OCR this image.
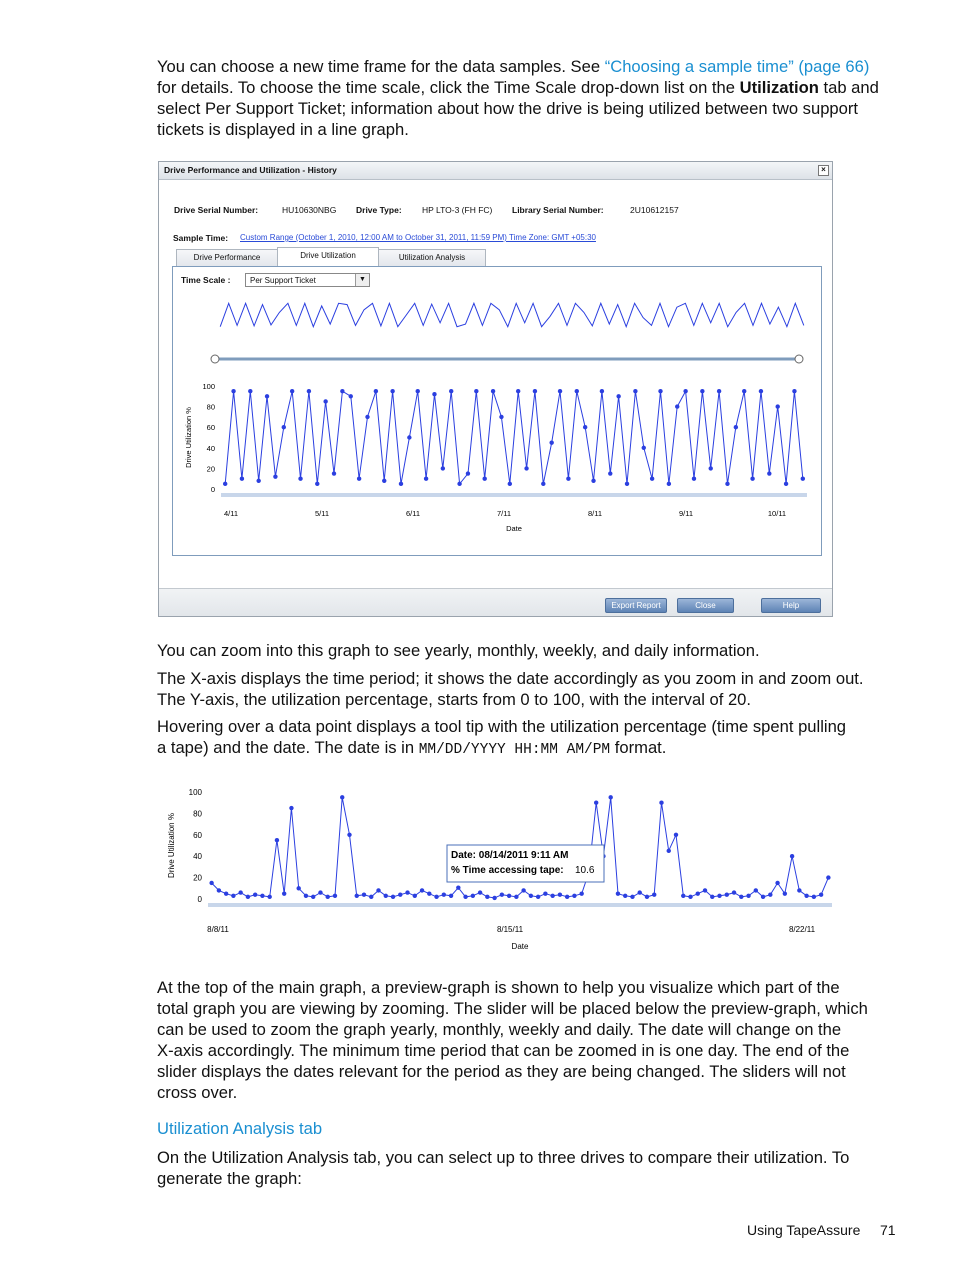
You can choose a new time frame for the data samples. See “Choosing a sample time” (page 66)
for details. To choose the time scale, click the Time Scale drop-down list on the Utilization tab and
select Per Support Ticket; information about how the drive is being utilized between two support
tickets is displayed in a line graph.
Drive Performance and Utilization - History	×
Drive Serial Number:	HU10630NBG Drive Type: HP LTO-3 (FH FC) Library Serial Number:	2U10612157
Sample Time: Custom Range (October 1, 2010, 12:00 AM to October 31, 2011, 11:59 PM) Time Zone: GMT +05:30
Drive Performance	Drive Utilization	Utilization Analysis
Time Scale :	Per Support Ticket	▼
0
20
40
60
80
100
Drive Utilization %
4/11	5/11	6/11	7/11	8/11	9/11	10/11
Date
Export Report	Close	Help

You can zoom into this graph to see yearly, monthly, weekly, and daily information.

The X-axis displays the time period; it shows the date accordingly as you zoom in and zoom out.
The Y-axis, the utilization percentage, starts from 0 to 100, with the interval of 20.
Hovering over a data point displays a tool tip with the utilization percentage (time spent pulling
a tape) and the date. The date is in MM/DD/YYYY HH:MM AM/PM format.
0
20
40
60
80
100
Drive Utilization %
8/8/11	8/15/11	8/22/11
Date
Date: 08/14/2011 9:11 AM
% Time accessing tape: 10.6
At the top of the main graph, a preview-graph is shown to help you visualize which part of the
total graph you are viewing by zooming. The slider will be placed below the preview-graph, which
can be used to zoom the graph yearly, monthly, weekly and daily. The date will change on the
X-axis accordingly. The minimum time period that can be zoomed in is one day. The end of the
slider displays the dates relevant for the period as they are being changed. The sliders will not
cross over.
Utilization Analysis tab
On the Utilization Analysis tab, you can select up to three drives to compare their utilization. To
generate the graph:
Using TapeAssure 71
